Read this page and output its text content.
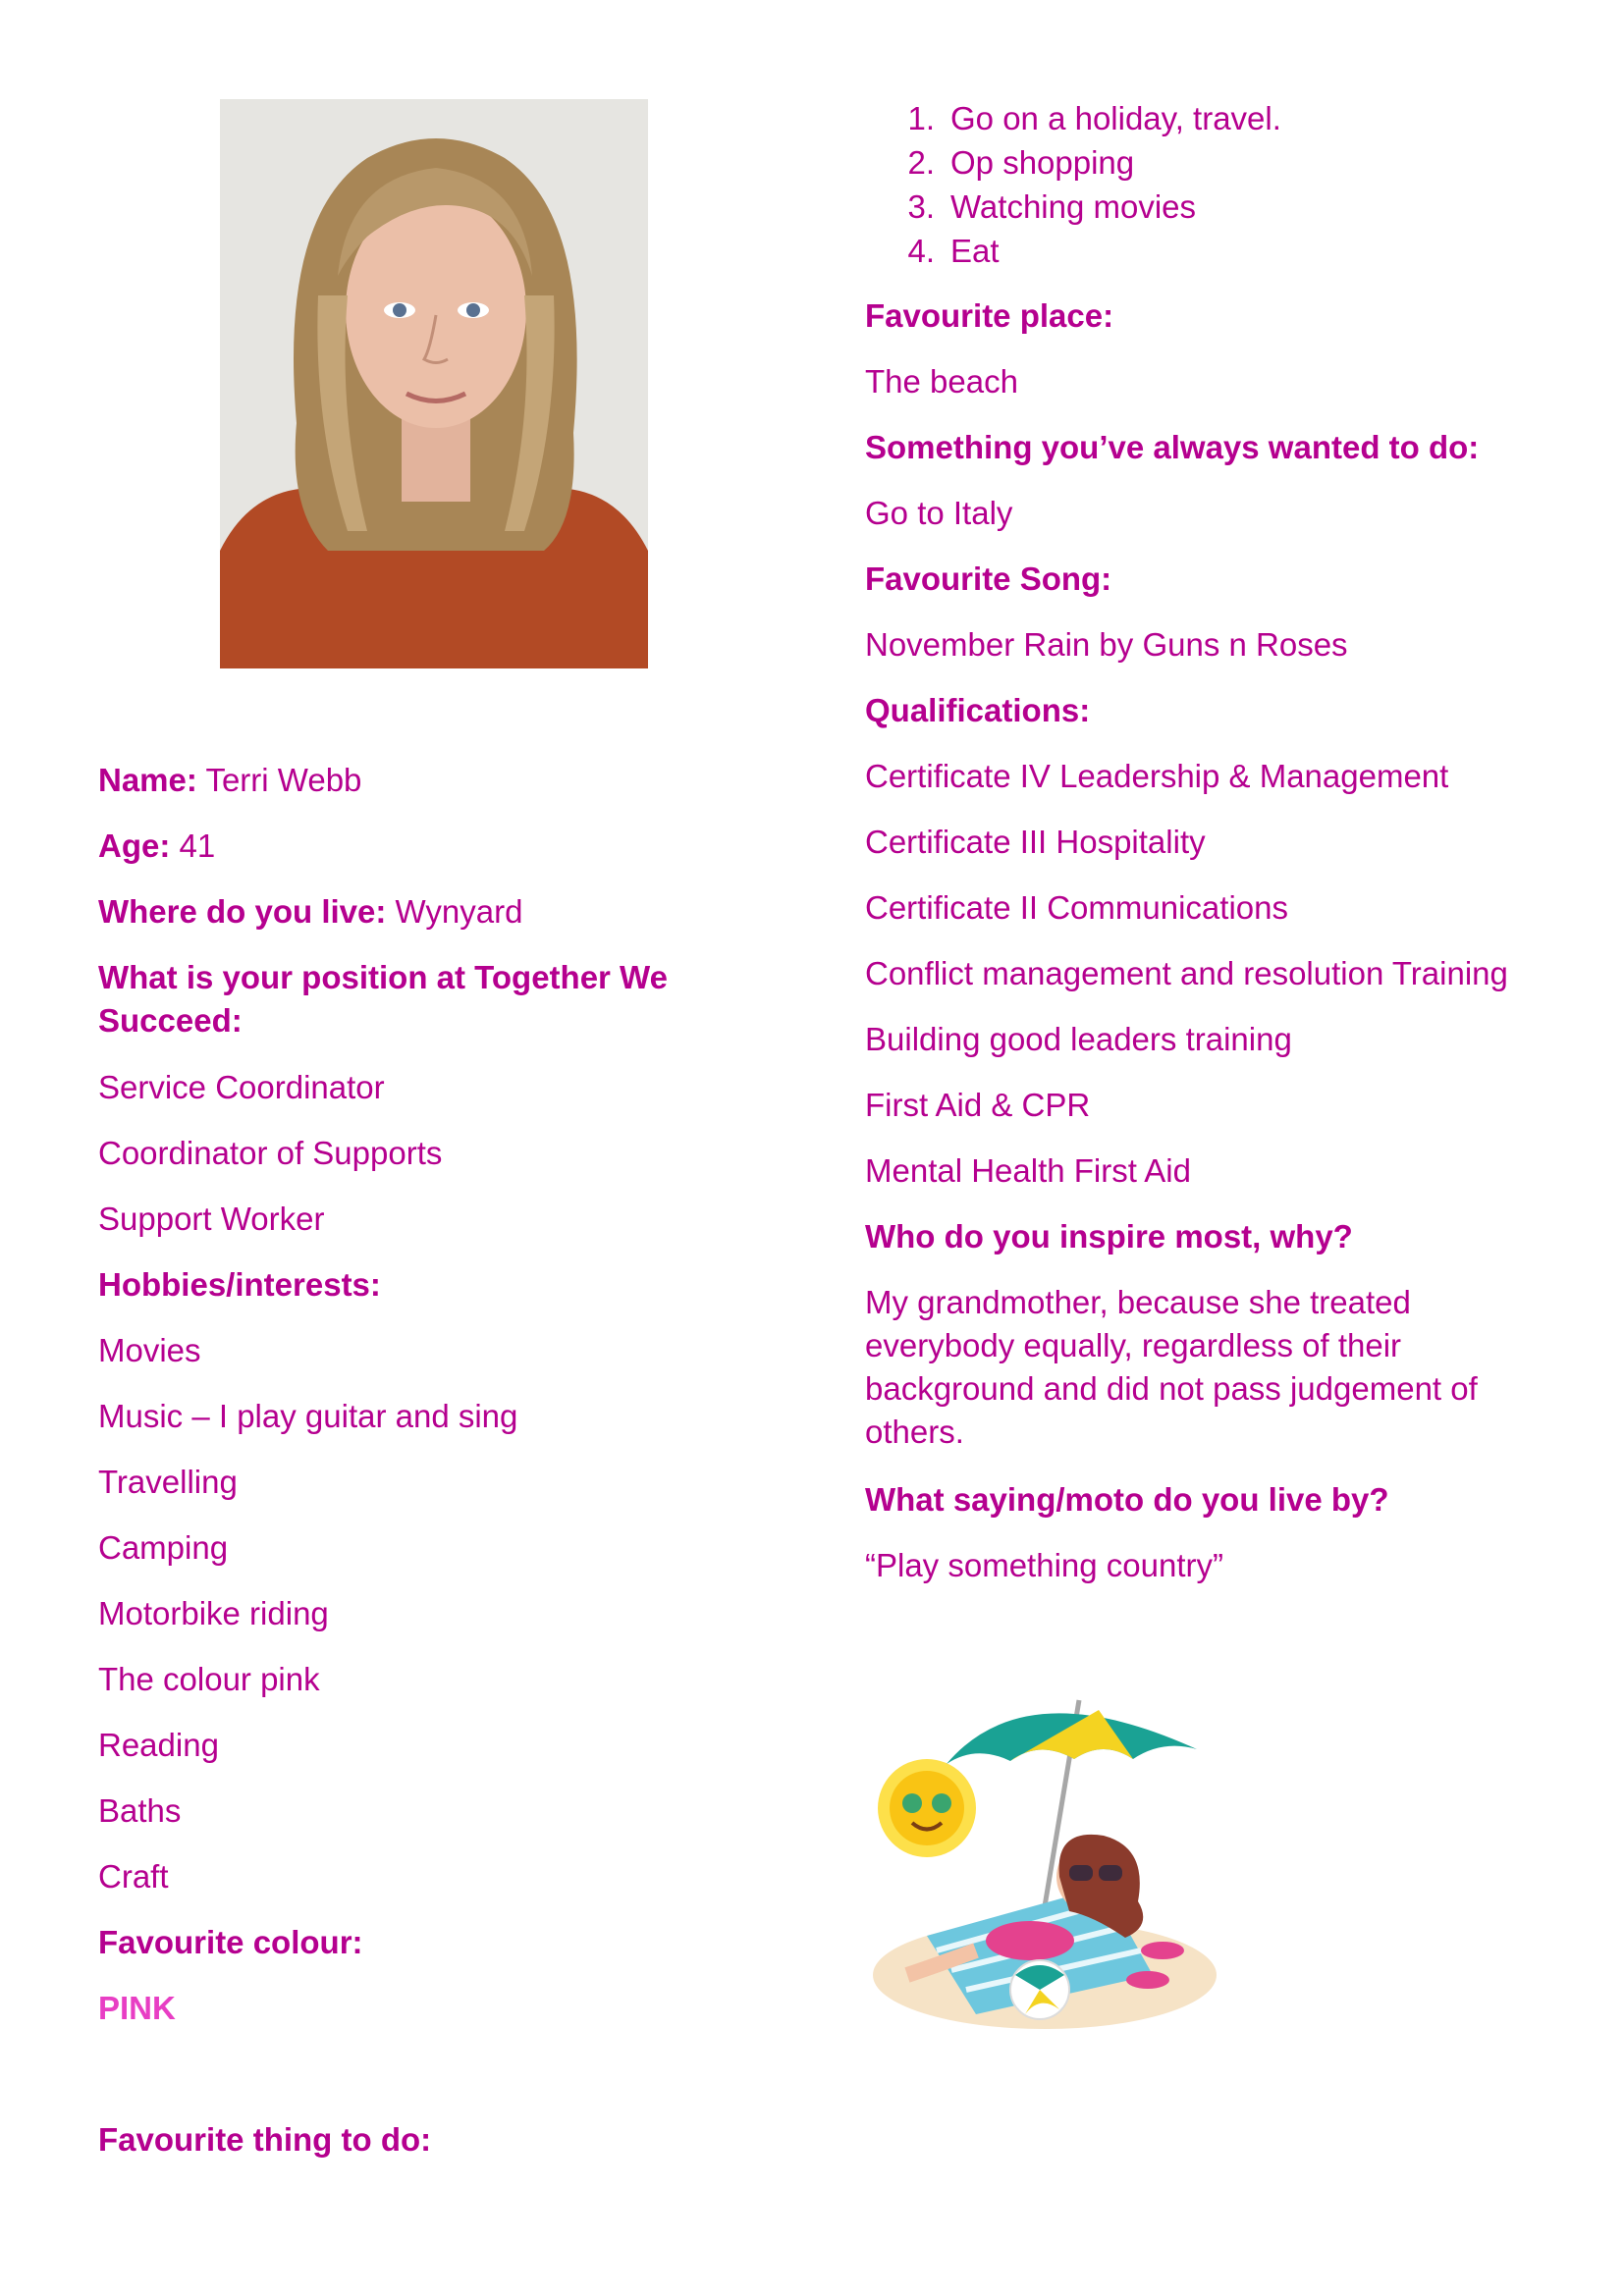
Name: Terri Webb
Age: 41
Where do you live: Wynyard
What is your position at Together We Succeed:
Service Coordinator
Coordinator of Supports
Support Worker
Hobbies/interests:
Movies
Music – I play guitar and sing
Travelling
Camping
Motorbike riding
The colour pink
Reading
Baths
Craft
Favourite colour:
PINK
Favourite thing to do:
1. Go on a holiday, travel.
2. Op shopping
3. Watching movies
4. Eat
Favourite place:
The beach
Something you’ve always wanted to do:
Go to Italy
Favourite Song:
November Rain by Guns n Roses
Qualifications:
Certificate IV Leadership & Management
Certificate III Hospitality
Certificate II Communications
Conflict management and resolution Training
Building good leaders training
First Aid & CPR
Mental Health First Aid
Who do you inspire most, why?
My grandmother, because she treated everybody equally, regardless of their background and did not pass judgement of others.
What saying/moto do you live by?
“Play something country”
